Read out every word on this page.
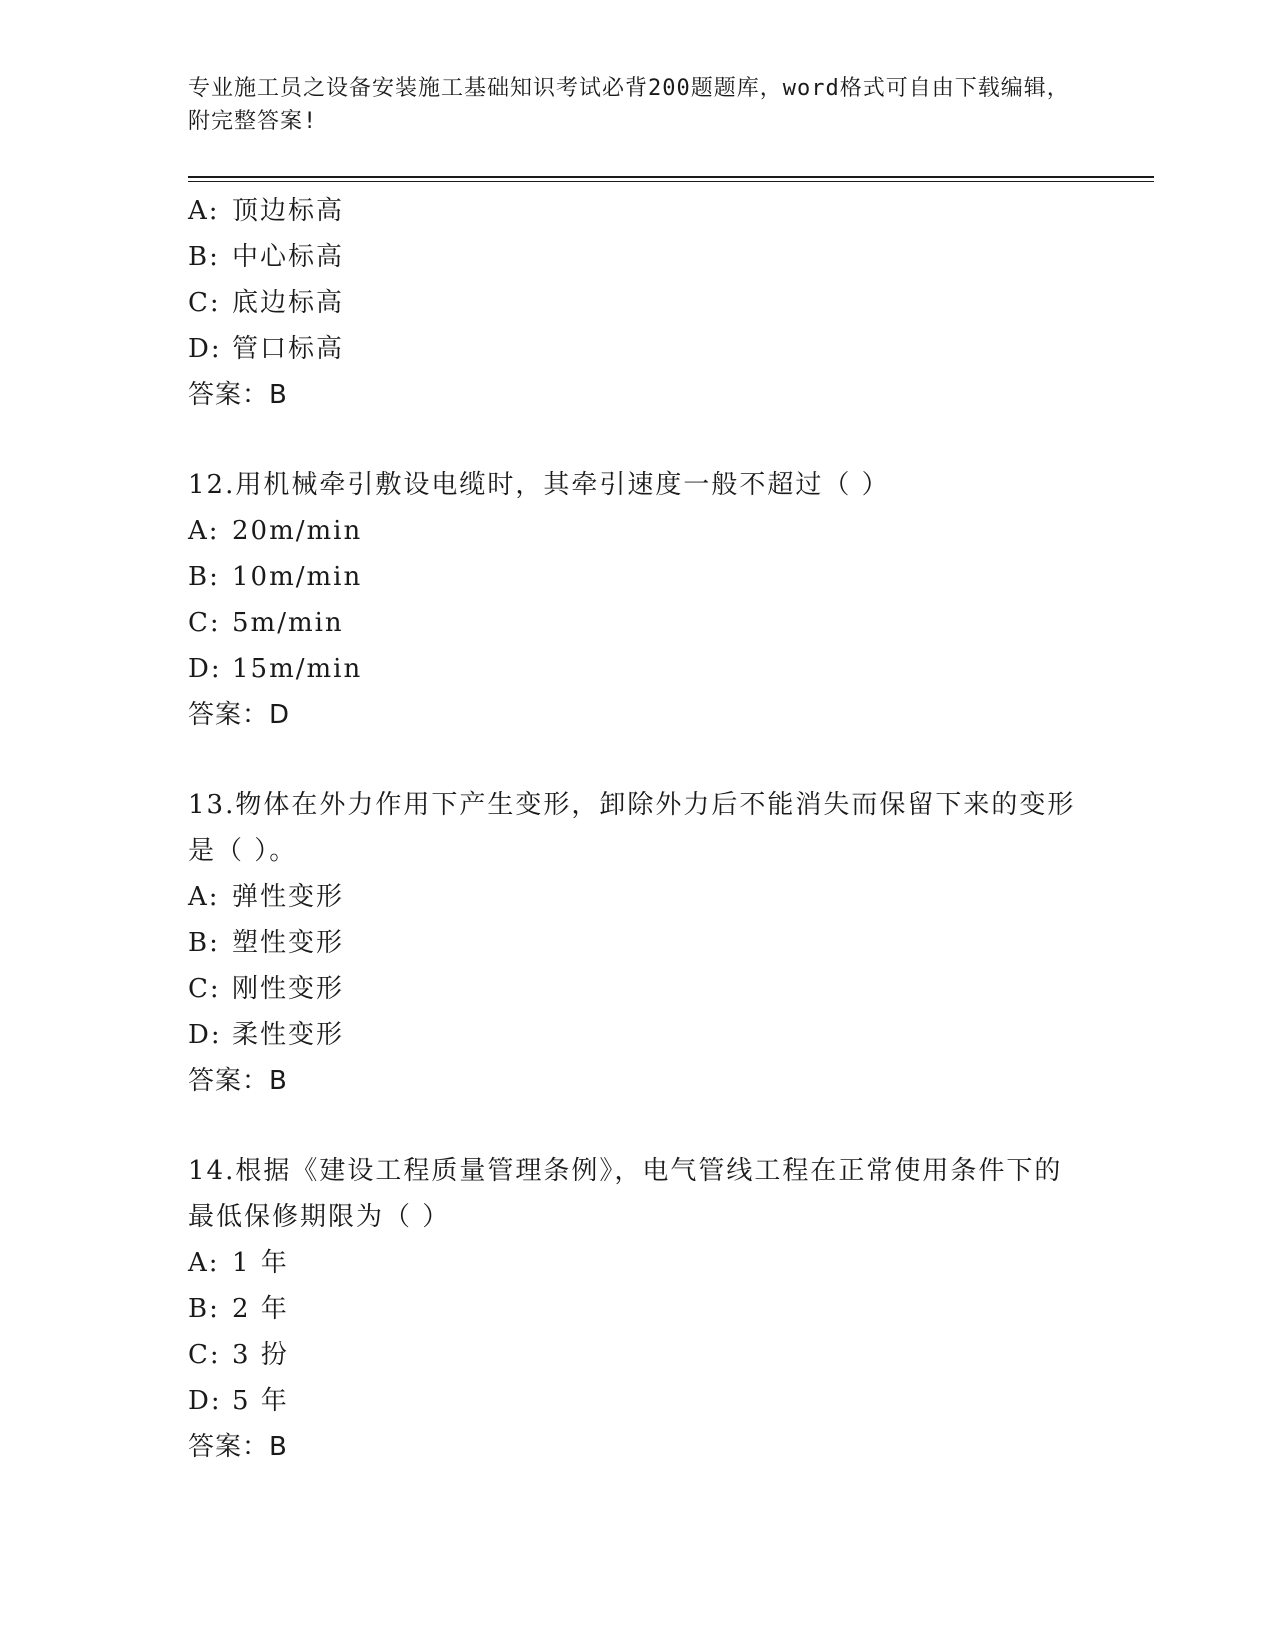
专业施工员之设备安装施工基础知识考试必背200题题库，word格式可自由下载编辑，附完整答案!
A: 顶边标高
B: 中心标高
C: 底边标高
D: 管口标高
答案：B
12.用机械牵引敷设电缆时，其牵引速度一般不超过（ ）
A: 20m/min
B: 10m/min
C: 5m/min
D: 15m/min
答案：D
13.物体在外力作用下产生变形，卸除外力后不能消失而保留下来的变形是（ ）。
A: 弹性变形
B: 塑性变形
C: 刚性变形
D: 柔性变形
答案：B
14.根据《建设工程质量管理条例》，电气管线工程在正常使用条件下的最低保修期限为（ ）
A: 1 年
B: 2 年
C: 3 扮
D: 5 年
答案：B
